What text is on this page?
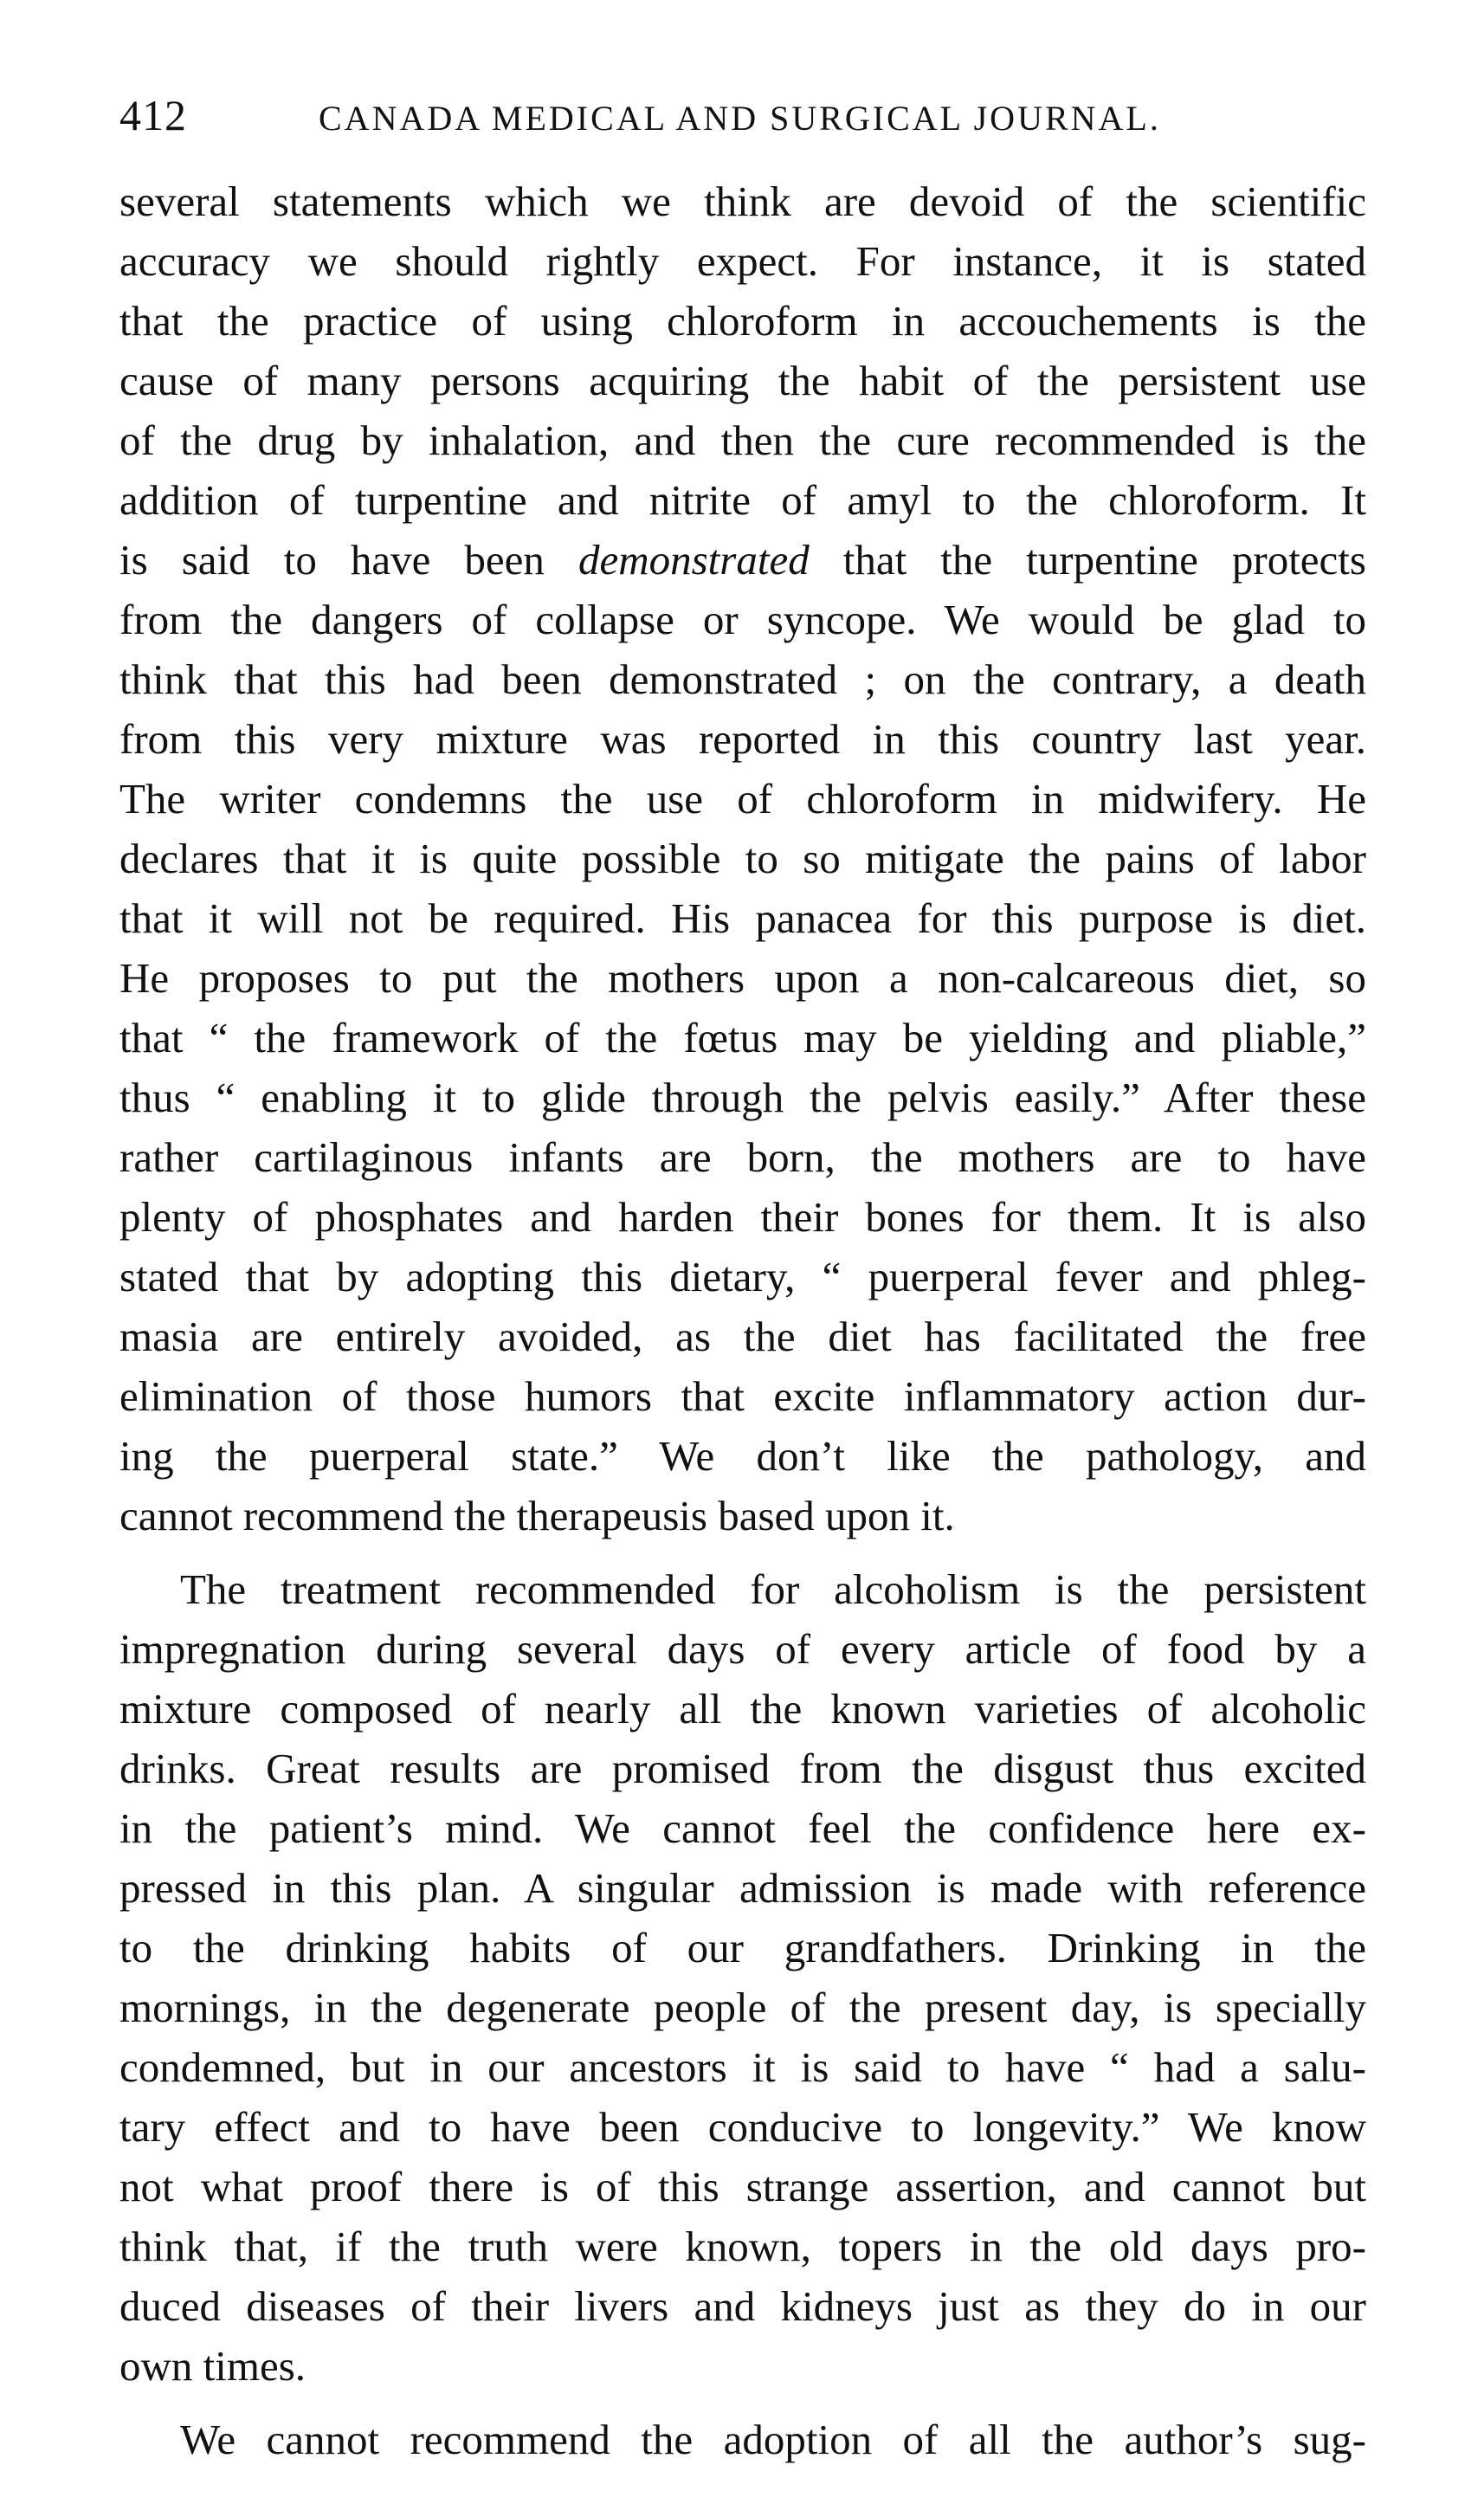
412	CANADA MEDICAL AND SURGICAL JOURNAL.
several statements which we think are devoid of the scientific
accuracy we should rightly expect. For instance, it is stated
that the practice of using chloroform in accouchements is the
cause of many persons acquiring the habit of the persistent use
of the drug by inhalation, and then the cure recommended is the
addition of turpentine and nitrite of amyl to the chloroform. It
is said to have been demonstrated that the turpentine protects
from the dangers of collapse or syncope. We would be glad to
think that this had been demonstrated ; on the contrary, a death
from this very mixture was reported in this country last year.
The writer condemns the use of chloroform in midwifery. He
declares that it is quite possible to so mitigate the pains of labor
that it will not be required. His panacea for this purpose is diet.
He proposes to put the mothers upon a non-calcareous diet, so
that “ the framework of the fœtus may be yielding and pliable,”
thus “ enabling it to glide through the pelvis easily.” After these
rather cartilaginous infants are born, the mothers are to have
plenty of phosphates and harden their bones for them. It is also
stated that by adopting this dietary, “ puerperal fever and phleg-
masia are entirely avoided, as the diet has facilitated the free
elimination of those humors that excite inflammatory action dur-
ing the puerperal state.” We don’t like the pathology, and
cannot recommend the therapeusis based upon it.
The treatment recommended for alcoholism is the persistent
impregnation during several days of every article of food by a
mixture composed of nearly all the known varieties of alcoholic
drinks. Great results are promised from the disgust thus excited
in the patient’s mind. We cannot feel the confidence here ex-
pressed in this plan. A singular admission is made with reference
to the drinking habits of our grandfathers. Drinking in the
mornings, in the degenerate people of the present day, is specially
condemned, but in our ancestors it is said to have “ had a salu-
tary effect and to have been conducive to longevity.” We know
not what proof there is of this strange assertion, and cannot but
think that, if the truth were known, topers in the old days pro-
duced diseases of their livers and kidneys just as they do in our
own times.
We cannot recommend the adoption of all the author’s sug-
